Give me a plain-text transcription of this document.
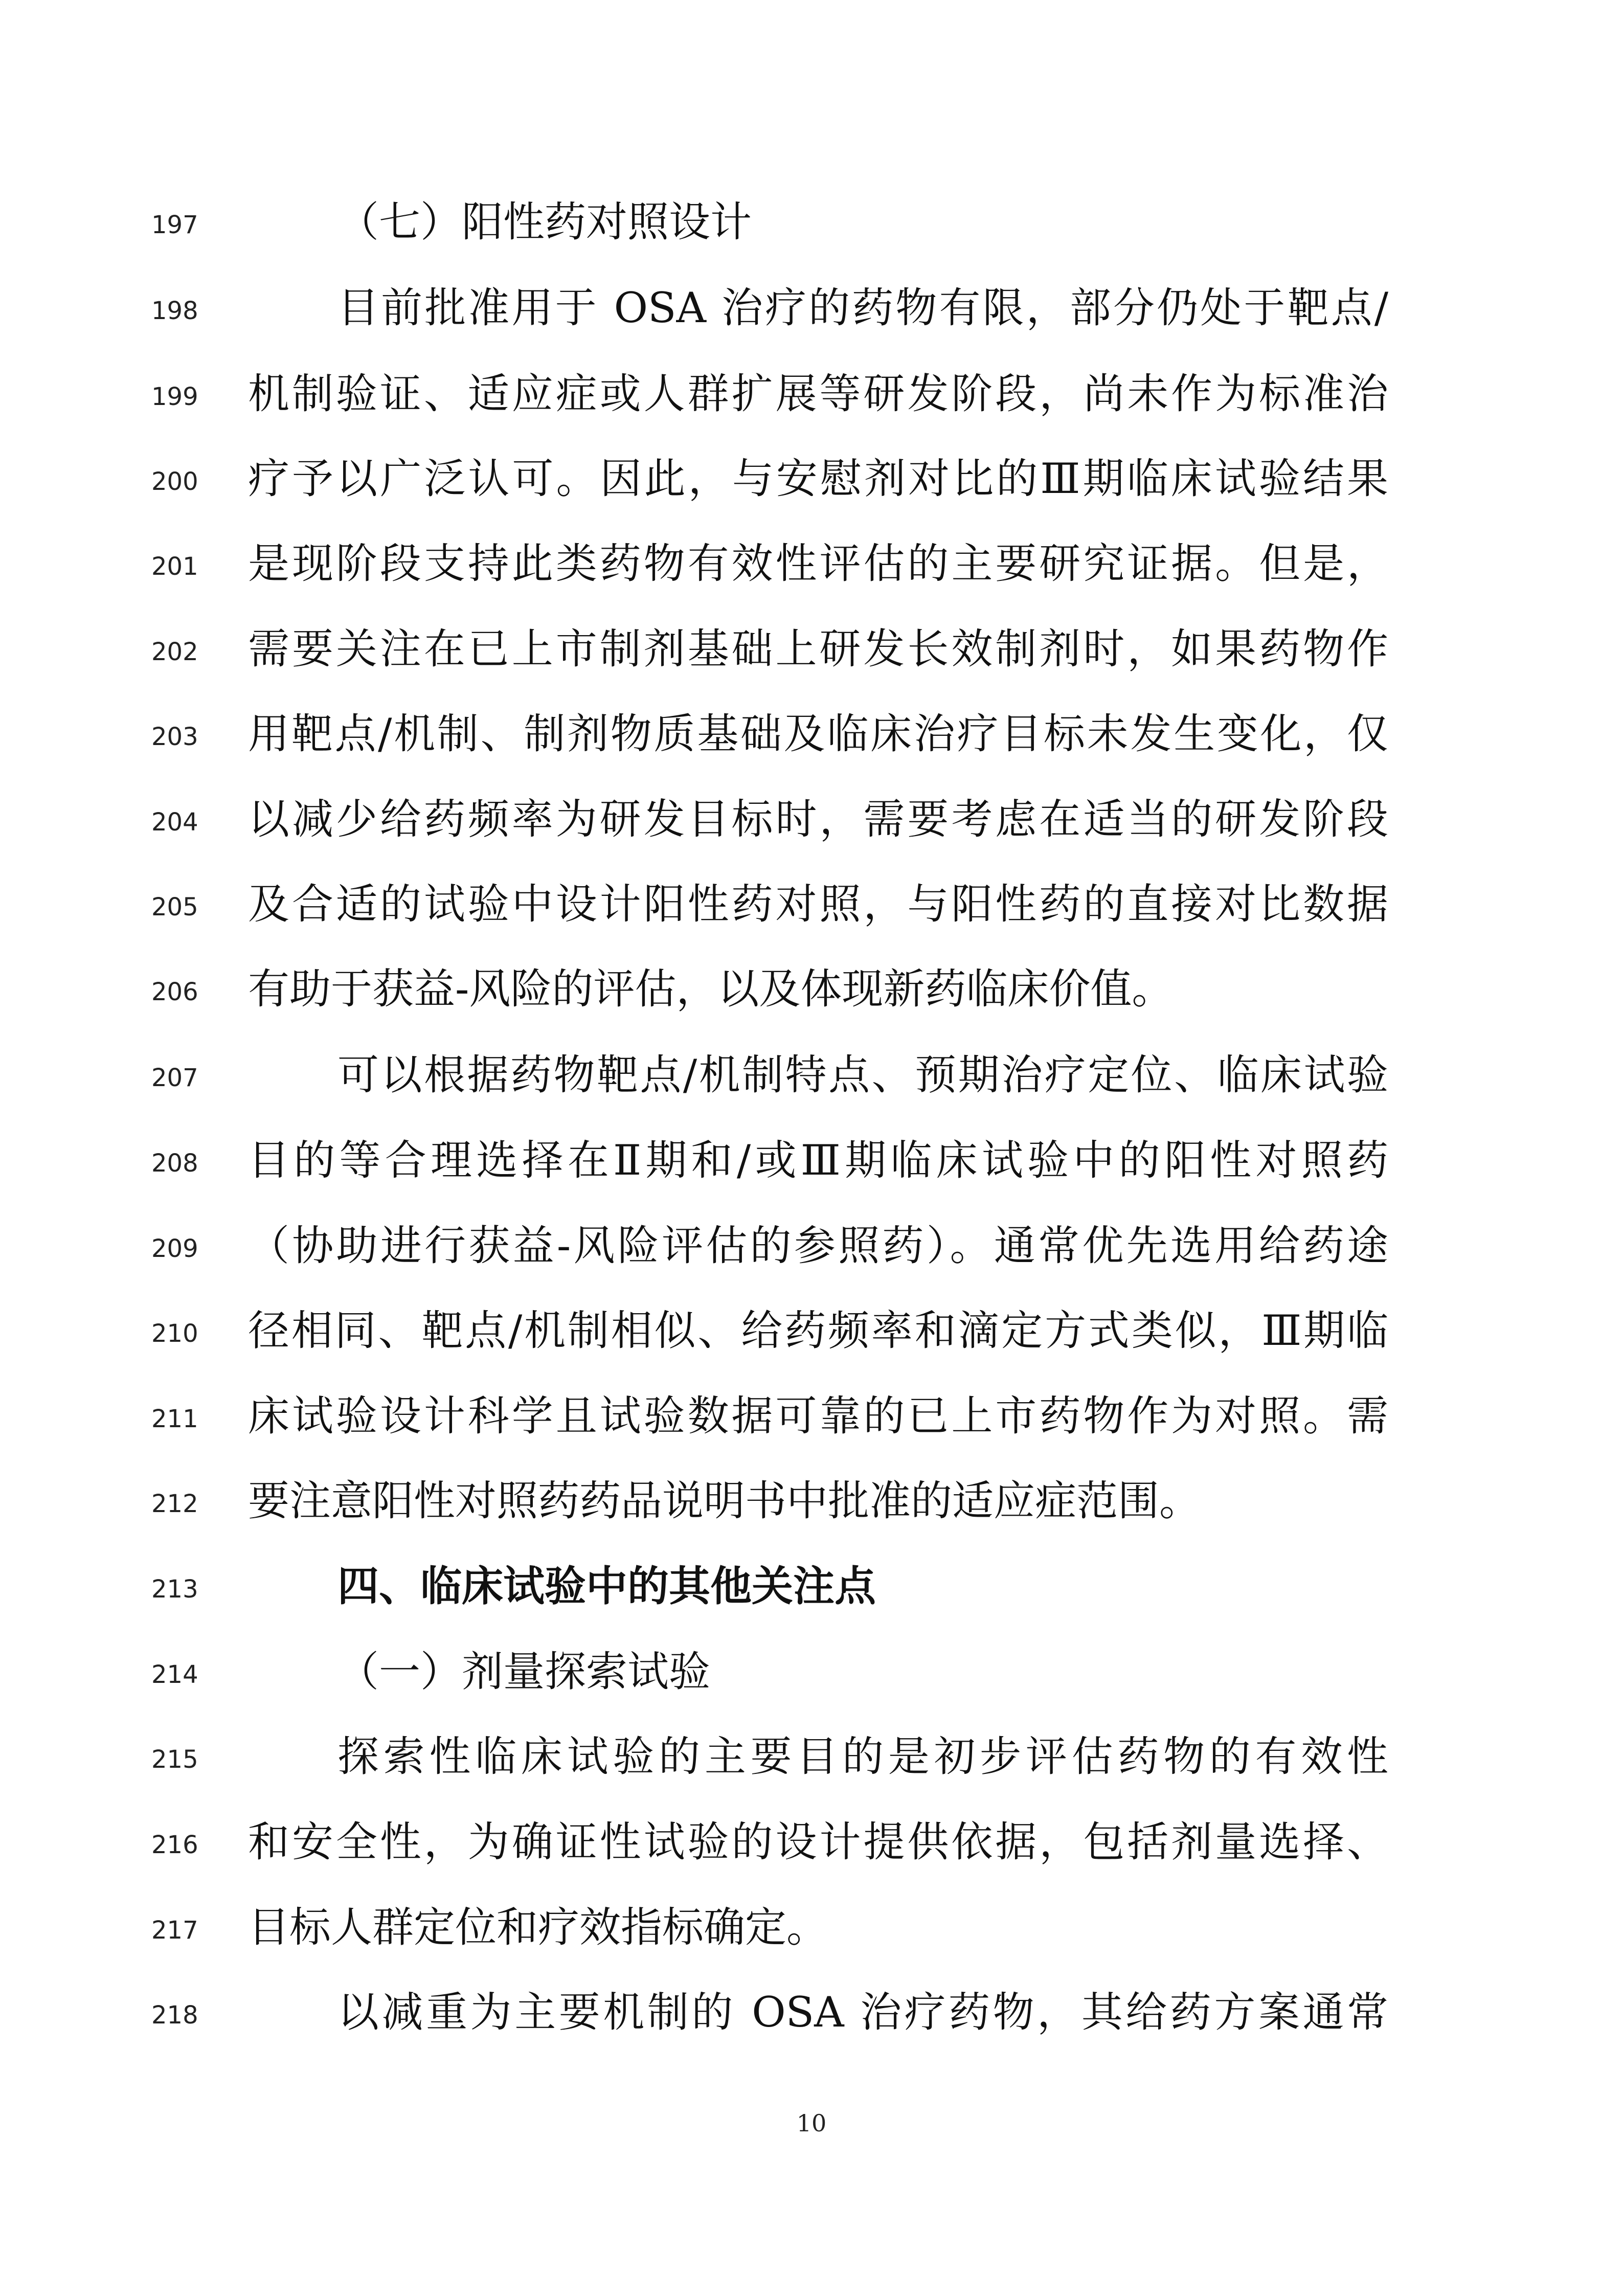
197	（七）阳性药对照设计
198	目前批准用于 OSA 治疗的药物有限，部分仍处于靶点/
199 机制验证、适应症或人群扩展等研发阶段，尚未作为标准治
200 疗予以广泛认可。因此，与安慰剂对比的Ⅲ期临床试验结果
201 是现阶段支持此类药物有效性评估的主要研究证据。但是，
202 需要关注在已上市制剂基础上研发长效制剂时，如果药物作
203 用靶点/机制、制剂物质基础及临床治疗目标未发生变化，仅
204 以减少给药频率为研发目标时，需要考虑在适当的研发阶段
205 及合适的试验中设计阳性药对照，与阳性药的直接对比数据
206 有助于获益-风险的评估，以及体现新药临床价值。
207	可以根据药物靶点/机制特点、预期治疗定位、临床试验
208 目的等合理选择在Ⅱ期和/或Ⅲ期临床试验中的阳性对照药
209 （协助进行获益-风险评估的参照药）。通常优先选用给药途
210 径相同、靶点/机制相似、给药频率和滴定方式类似，Ⅲ期临
211 床试验设计科学且试验数据可靠的已上市药物作为对照。需
212 要注意阳性对照药药品说明书中批准的适应症范围。
213	四、临床试验中的其他关注点
214	（一）剂量探索试验
215	探索性临床试验的主要目的是初步评估药物的有效性
216 和安全性，为确证性试验的设计提供依据，包括剂量选择、
217 目标人群定位和疗效指标确定。
218	以减重为主要机制的 OSA 治疗药物，其给药方案通常
10
